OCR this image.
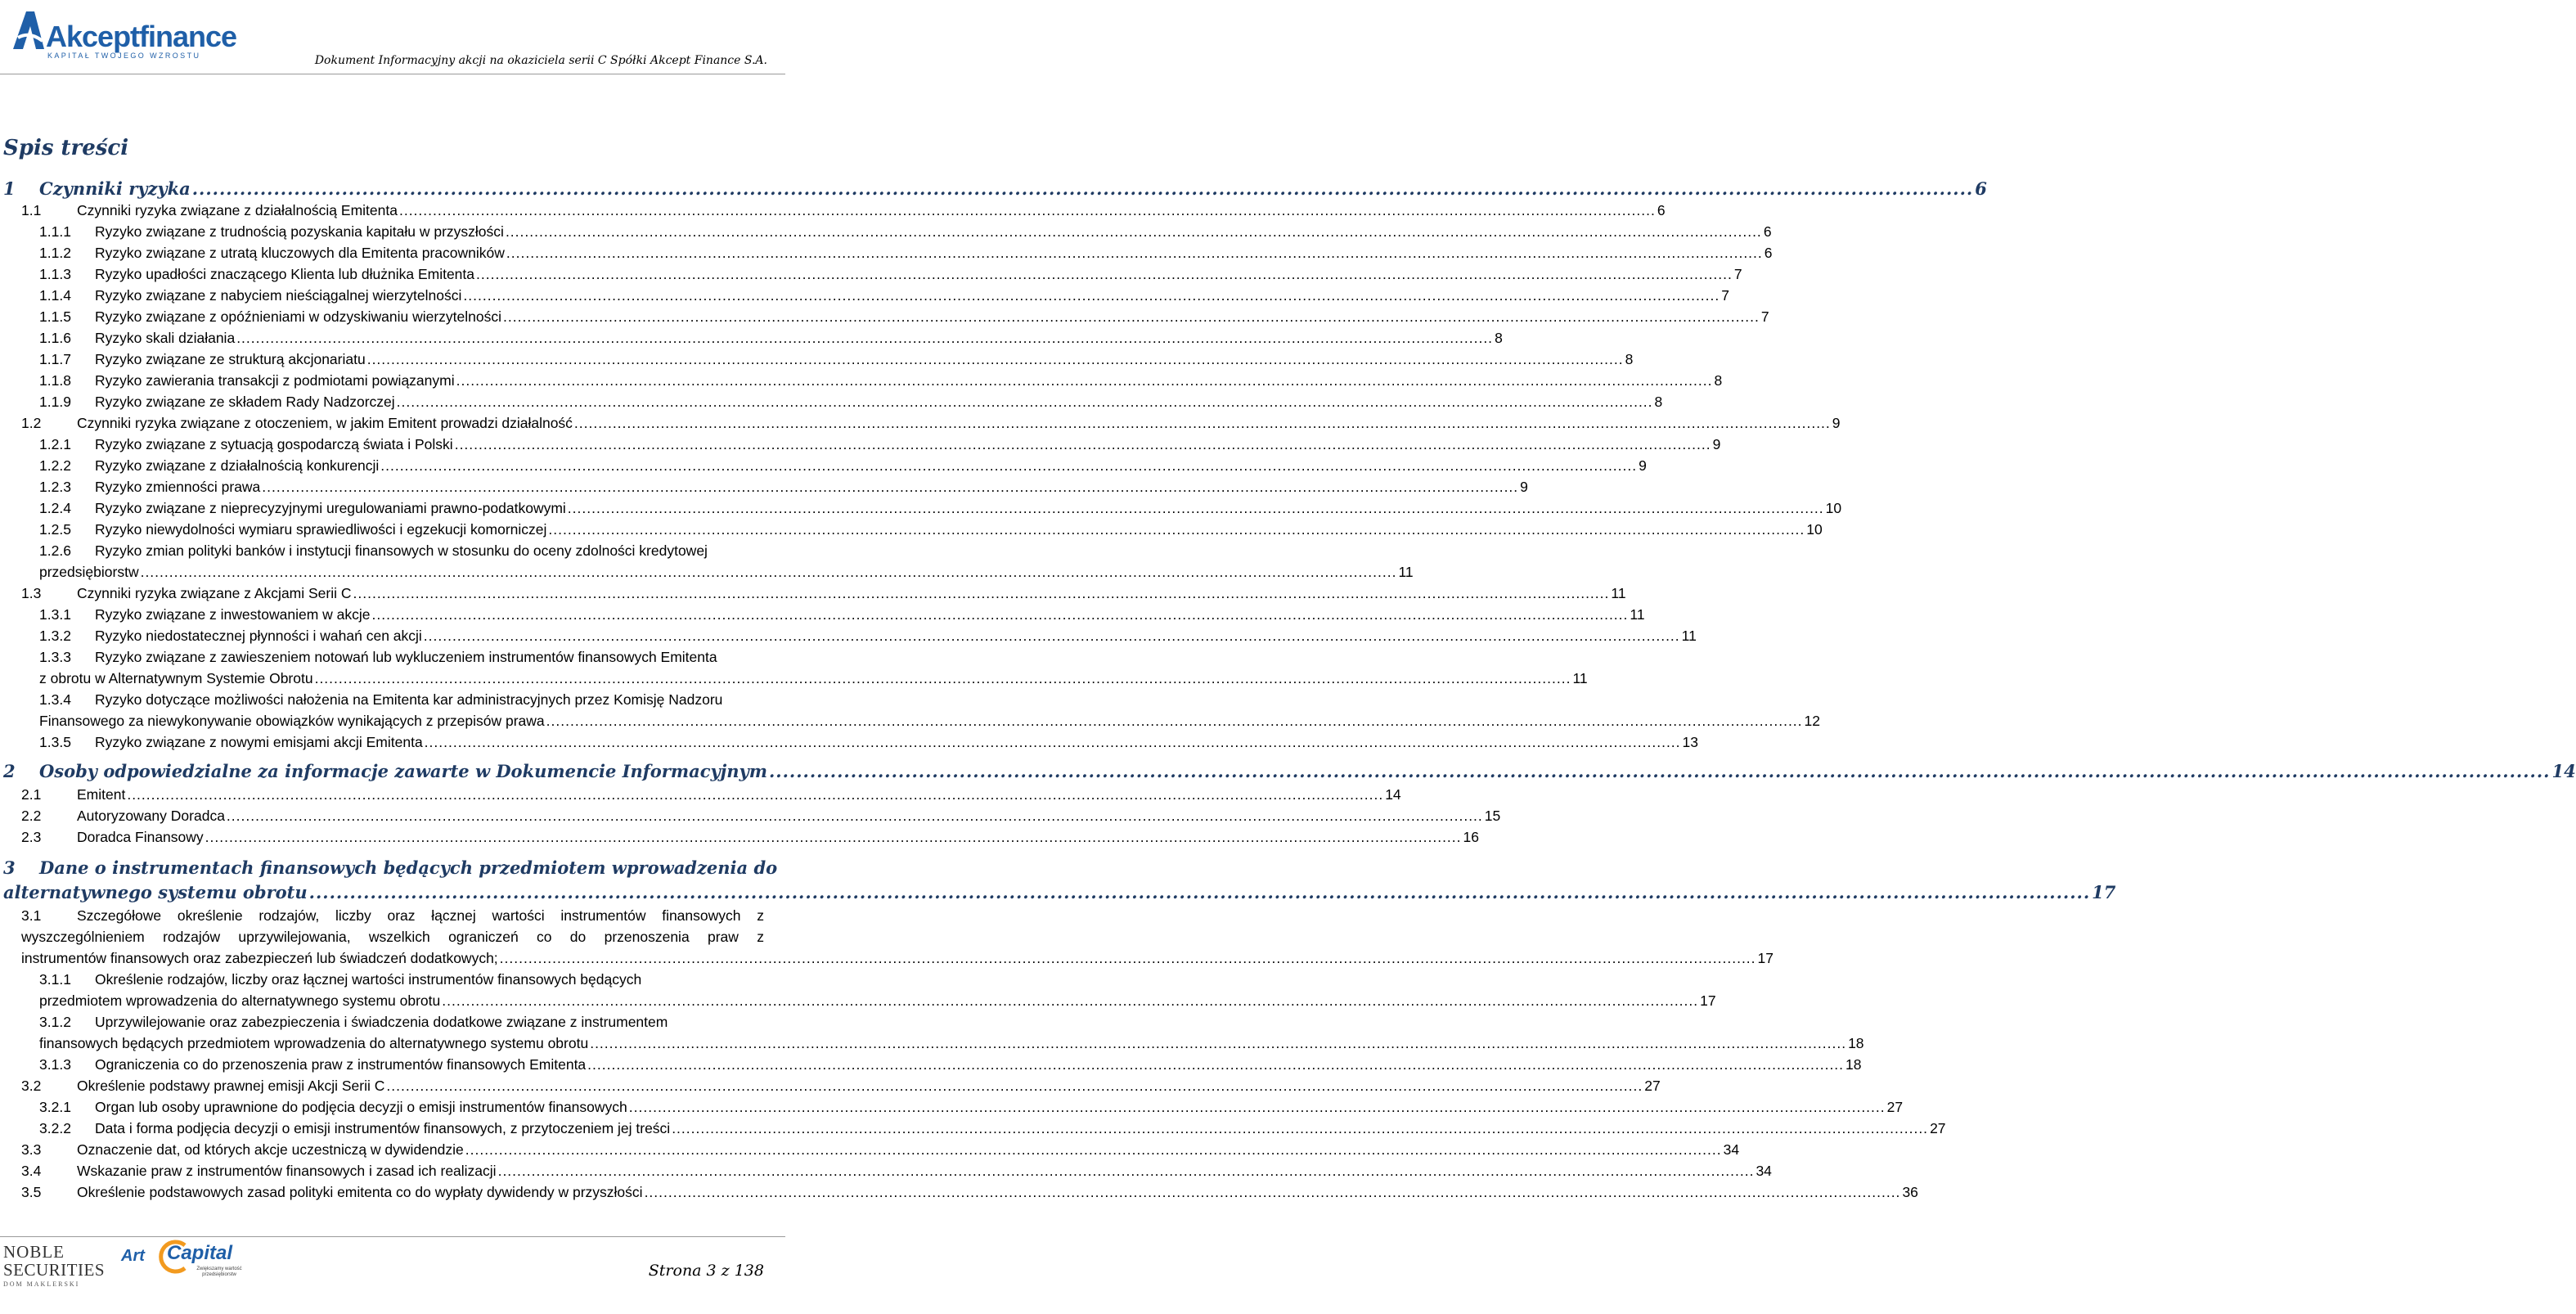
Akceptfinance
KAPITAŁ TWOJEGO WZROSTU	Dokument Informacyjny akcji na okaziciela serii C Spółki Akcept Finance S.A.
Spis treści
1	Czynniki ryzyka .....	6
1.1	Czynniki ryzyka związane z działalnością Emitenta .....	6
1.1.1	Ryzyko związane z trudnością pozyskania kapitału w przyszłości .....	6
1.1.2	Ryzyko związane z utratą kluczowych dla Emitenta pracowników .....	6
1.1.3	Ryzyko upadłości znaczącego Klienta lub dłużnika Emitenta .....	7
1.1.4	Ryzyko związane z nabyciem nieściągalnej wierzytelności .....	7
1.1.5	Ryzyko związane z opóźnieniami w odzyskiwaniu wierzytelności .....	7
1.1.6	Ryzyko skali działania .....	8
1.1.7	Ryzyko związane ze strukturą akcjonariatu .....	8
1.1.8	Ryzyko zawierania transakcji z podmiotami powiązanymi .....	8
1.1.9	Ryzyko związane ze składem Rady Nadzorczej .....	8
1.2	Czynniki ryzyka związane z otoczeniem, w jakim Emitent prowadzi działalność .....	9
1.2.1	Ryzyko związane z sytuacją gospodarczą świata i Polski .....	9
1.2.2	Ryzyko związane z działalnością konkurencji .....	9
1.2.3	Ryzyko zmienności prawa .....	9
1.2.4	Ryzyko związane z nieprecyzyjnymi uregulowaniami prawno-podatkowymi .....	10
1.2.5	Ryzyko niewydolności wymiaru sprawiedliwości i egzekucji komorniczej .....	10
1.2.6 Ryzyko zmian polityki banków i instytucji finansowych w stosunku do oceny zdolności kredytowej
przedsiębiorstw .....	11
1.3	Czynniki ryzyka związane z Akcjami Serii C .....	11
1.3.1	Ryzyko związane z inwestowaniem w akcje .....	11
1.3.2	Ryzyko niedostatecznej płynności i wahań cen akcji .....	11
1.3.3 Ryzyko związane z zawieszeniem notowań lub wykluczeniem instrumentów finansowych Emitenta
z obrotu w Alternatywnym Systemie Obrotu .....	11
1.3.4 Ryzyko dotyczące możliwości nałożenia na Emitenta kar administracyjnych przez Komisję Nadzoru
Finansowego za niewykonywanie obowiązków wynikających z przepisów prawa .....	12
1.3.5	Ryzyko związane z nowymi emisjami akcji Emitenta .....	13
2	Osoby odpowiedzialne za informacje zawarte w Dokumencie Informacyjnym .....	14
2.1	Emitent .....	14
2.2	Autoryzowany Doradca .....	15
2.3	Doradca Finansowy .....	16
3 Dane o instrumentach finansowych będących przedmiotem wprowadzenia do
alternatywnego systemu obrotu .....	17
3.1 Szczegółowe określenie rodzajów, liczby oraz łącznej wartości instrumentów finansowych z
wyszczególnieniem rodzajów uprzywilejowania, wszelkich ograniczeń co do przenoszenia praw z
instrumentów finansowych oraz zabezpieczeń lub świadczeń dodatkowych; .....	17
3.1.1 Określenie rodzajów, liczby oraz łącznej wartości instrumentów finansowych będących
przedmiotem wprowadzenia do alternatywnego systemu obrotu .....	17
3.1.2 Uprzywilejowanie oraz zabezpieczenia i świadczenia dodatkowe związane z instrumentem
finansowych będących przedmiotem wprowadzenia do alternatywnego systemu obrotu .....	18
3.1.3	Ograniczenia co do przenoszenia praw z instrumentów finansowych Emitenta .....	18
3.2	Określenie podstawy prawnej emisji Akcji Serii C .....	27
3.2.1	Organ lub osoby uprawnione do podjęcia decyzji o emisji instrumentów finansowych .....	27
3.2.2	Data i forma podjęcia decyzji o emisji instrumentów finansowych, z przytoczeniem jej treści .....	27
3.3	Oznaczenie dat, od których akcje uczestniczą w dywidendzie .....	34
3.4	Wskazanie praw z instrumentów finansowych i zasad ich realizacji .....	34
3.5	Określenie podstawowych zasad polityki emitenta co do wypłaty dywidendy w przyszłości .....	36
NOBLE
SECURITIES
DOM MAKLERSKI
Art Capital
Zwiększamy wartość przedsiębiorstw	Strona 3 z 138
